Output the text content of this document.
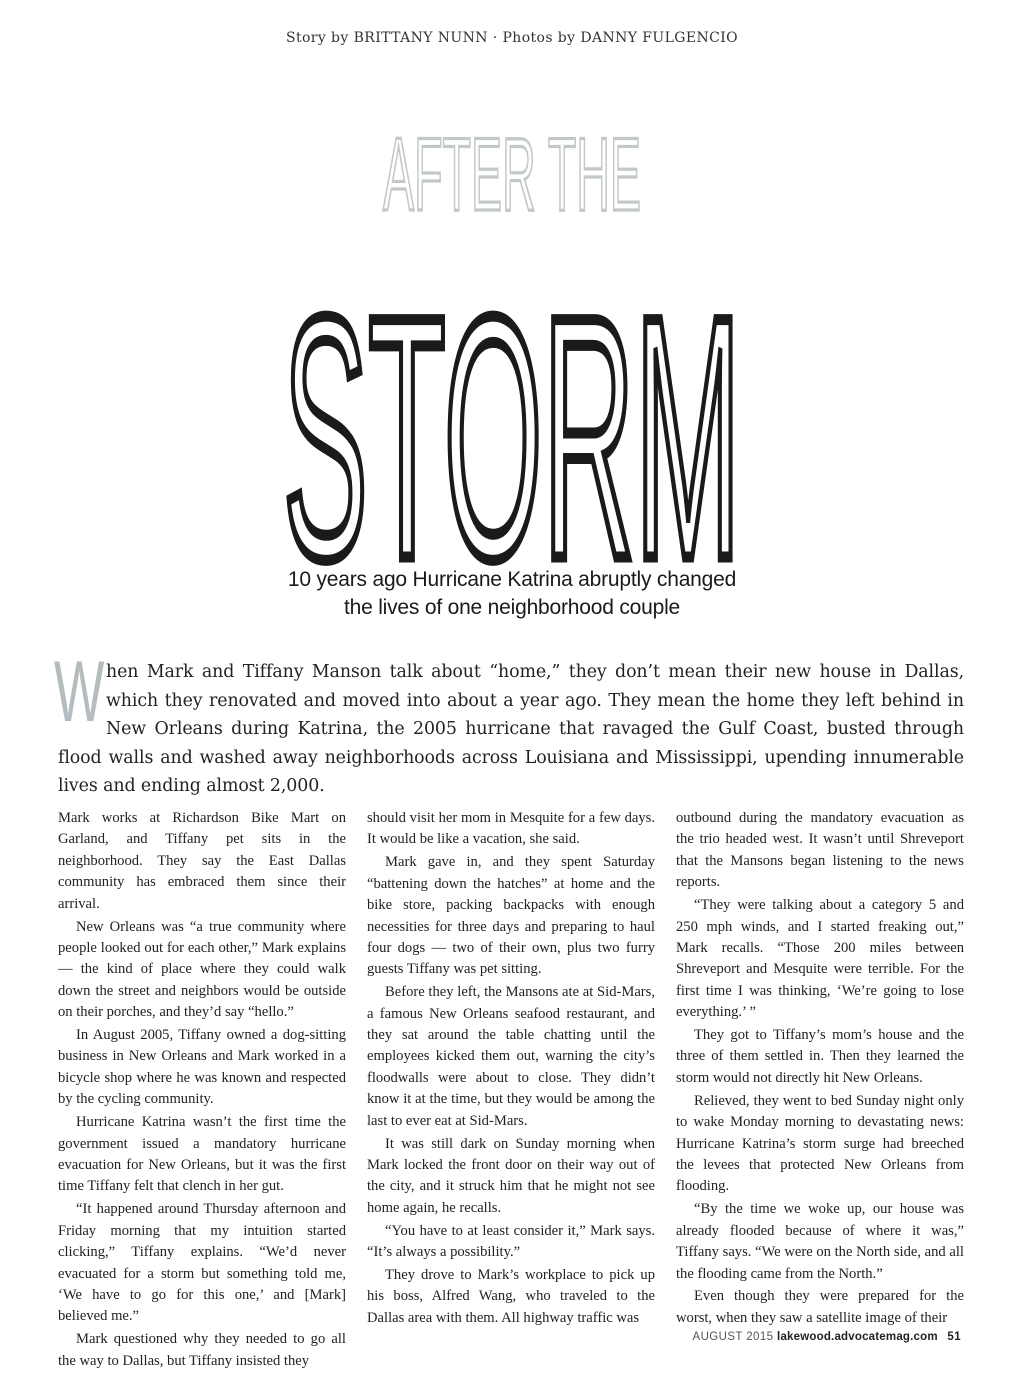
Story by BRITTANY NUNN · Photos by DANNY FULGENCIO
AFTER THE
STORM
10 years ago Hurricane Katrina abruptly changed
the lives of one neighborhood couple
When Mark and Tiffany Manson talk about “home,” they don’t mean their new house in Dallas, which they renovated and moved into about a year ago. They mean the home they left behind in New Orleans during Katrina, the 2005 hurricane that ravaged the Gulf Coast, busted through flood walls and washed away neighborhoods across Louisiana and Mississippi, upending innumerable lives and ending almost 2,000.

Mark works at Richardson Bike Mart on Garland, and Tiffany pet sits in the neighborhood. They say the East Dallas community has embraced them since their arrival.

New Orleans was “a true community where people looked out for each other,” Mark explains — the kind of place where they could walk down the street and neighbors would be outside on their porches, and they’d say “hello.”

In August 2005, Tiffany owned a dog-sitting business in New Orleans and Mark worked in a bicycle shop where he was known and respected by the cycling community.

Hurricane Katrina wasn’t the first time the government issued a mandatory hurricane evacuation for New Orleans, but it was the first time Tiffany felt that clench in her gut.

“It happened around Thursday afternoon and Friday morning that my intuition started clicking,” Tiffany explains. “We’d never evacuated for a storm but something told me, ‘We have to go for this one,’ and [Mark] believed me.”

Mark questioned why they needed to go all the way to Dallas, but Tiffany insisted they

should visit her mom in Mesquite for a few days. It would be like a vacation, she said.

Mark gave in, and they spent Saturday “battening down the hatches” at home and the bike store, packing backpacks with enough necessities for three days and preparing to haul four dogs — two of their own, plus two furry guests Tiffany was pet sitting.

Before they left, the Mansons ate at Sid-Mars, a famous New Orleans seafood restaurant, and they sat around the table chatting until the employees kicked them out, warning the city’s floodwalls were about to close. They didn’t know it at the time, but they would be among the last to ever eat at Sid-Mars.

It was still dark on Sunday morning when Mark locked the front door on their way out of the city, and it struck him that he might not see home again, he recalls.

“You have to at least consider it,” Mark says. “It’s always a possibility.”

They drove to Mark’s workplace to pick up his boss, Alfred Wang, who traveled to the Dallas area with them. All highway traffic was

outbound during the mandatory evacuation as the trio headed west. It wasn’t until Shreveport that the Mansons began listening to the news reports.

“They were talking about a category 5 and 250 mph winds, and I started freaking out,” Mark recalls. “Those 200 miles between Shreveport and Mesquite were terrible. For the first time I was thinking, ‘We’re going to lose everything.’ ”

They got to Tiffany’s mom’s house and the three of them settled in. Then they learned the storm would not directly hit New Orleans.

Relieved, they went to bed Sunday night only to wake Monday morning to devastating news: Hurricane Katrina’s storm surge had breeched the levees that protected New Orleans from flooding.

“By the time we woke up, our house was already flooded because of where it was,” Tiffany says. “We were on the North side, and all the flooding came from the North.”

Even though they were prepared for the worst, when they saw a satellite image of their

AUGUST 2015 lakewood.advocatemag.com 51
